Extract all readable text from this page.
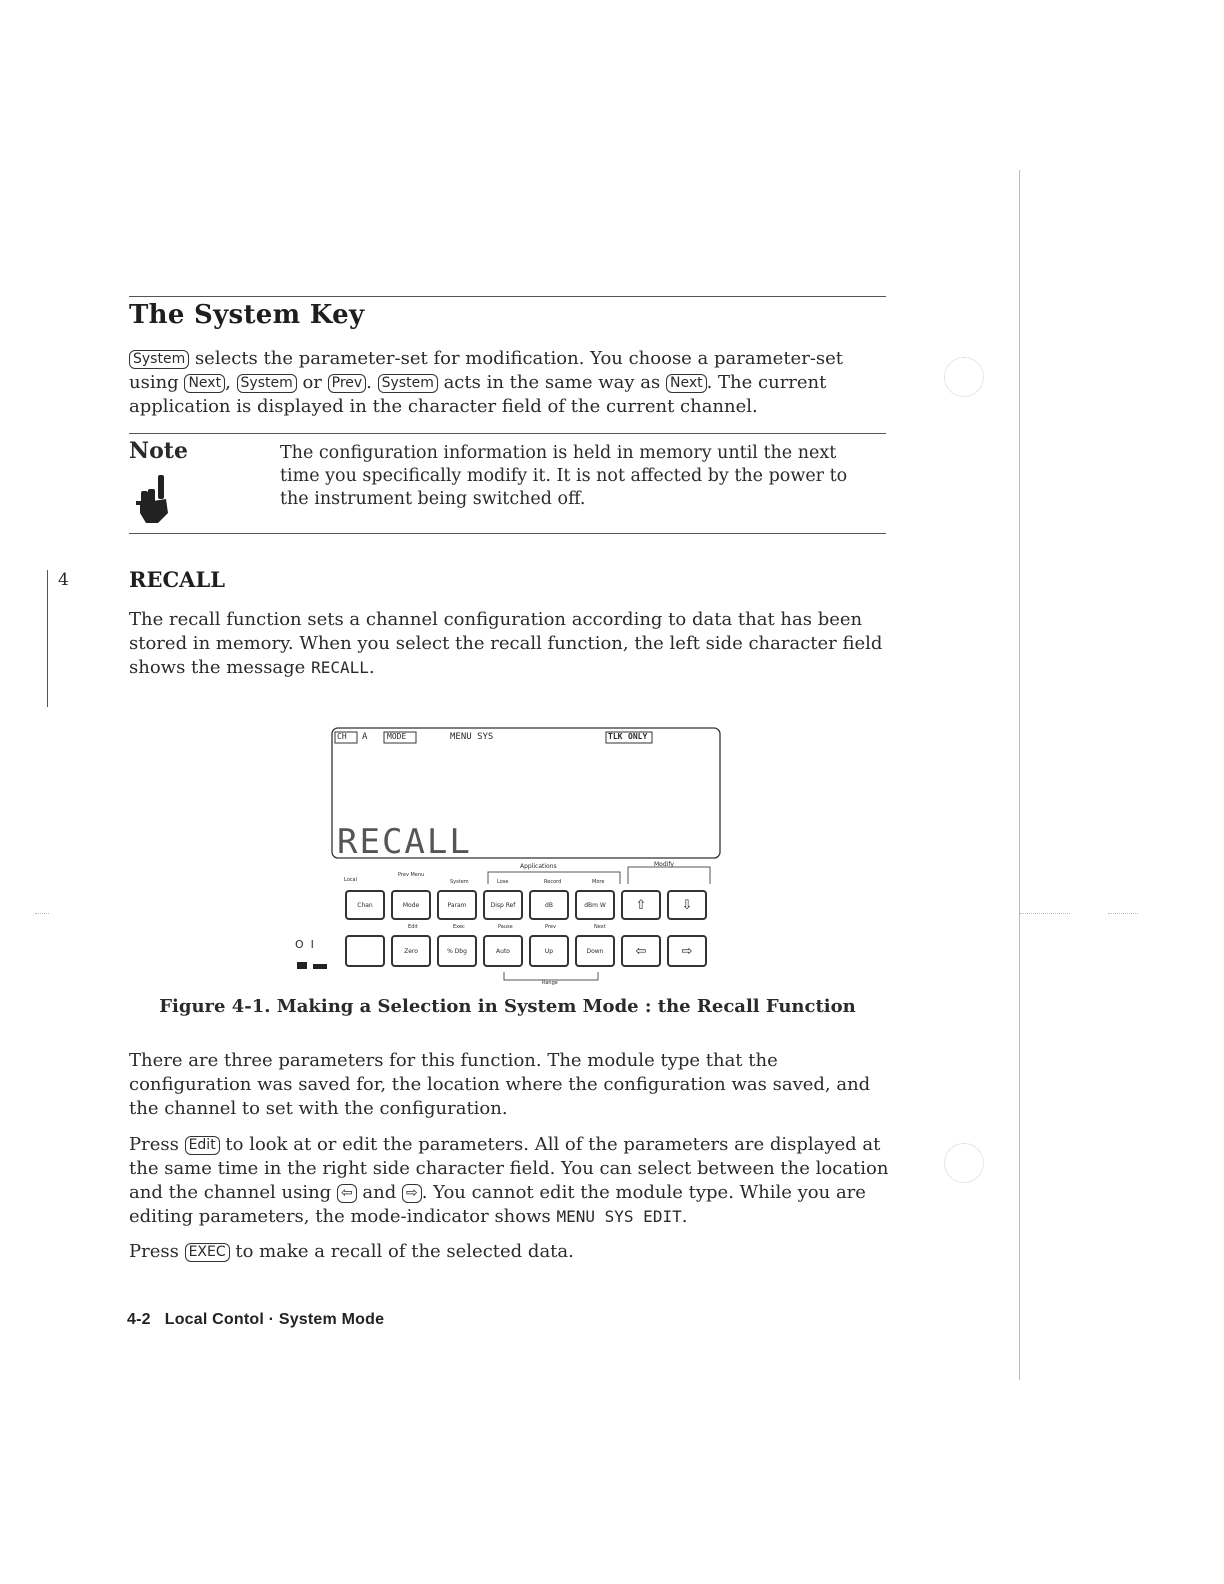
The System Key

System selects the parameter-set for modification. You choose a parameter-set using Next , System or Prev . System acts in the same way as Next . The current application is displayed in the character field of the current channel.

Note	The configuration information is held in memory until the next time you specifically modify it. It is not affected by the power to the instrument being switched off.
4	RECALL

The recall function sets a channel configuration according to data that has been stored in memory. When you select the recall function, the left side character field shows the message RECALL.

CH A MODE	MENU SYS	TLK ONLY
RECALL
Applications	Modify
Range
Local
Prev Menu
System	Lose	Record	More
Chan	Mode	Param	Disp Ref	dB	dBm W	⇧	⇩
Edit	Exec	Pause	Prev	Next
Zero	% Dbg	Auto	Up	Down	⇦	⇨
O  I
Figure 4-1. Making a Selection in System Mode : the Recall Function

There are three parameters for this function. The module type that the configuration was saved for, the location where the configuration was saved, and the channel to set with the configuration.

Press Edit to look at or edit the parameters. All of the parameters are displayed at the same time in the right side character field. You can select between the location and the channel using ⇦ and ⇨ . You cannot edit the module type. While you are editing parameters, the mode-indicator shows MENU SYS EDIT.

Press EXEC to make a recall of the selected data.

4-2 Local Contol · System Mode
